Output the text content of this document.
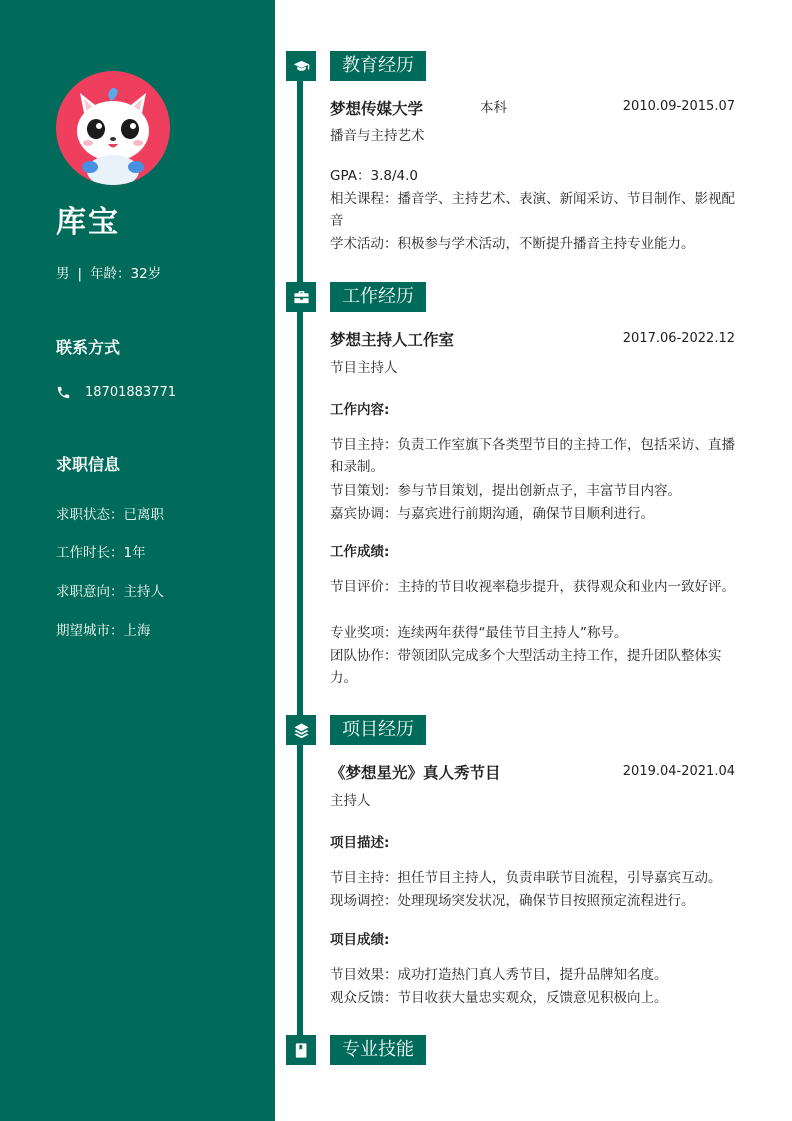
库宝
男 | 年龄：32岁
联系方式
18701883771
求职信息
求职状态：已离职
工作时长：1年
求职意向：主持人
期望城市：上海
教育经历
梦想传媒大学	本科	2010.09-2015.07
播音与主持艺术
GPA：3.8/4.0
相关课程：播音学、主持艺术、表演、新闻采访、节目制作、影视配音
学术活动：积极参与学术活动，不断提升播音主持专业能力。
工作经历
梦想主持人工作室	2017.06-2022.12
节目主持人
工作内容:
节目主持：负责工作室旗下各类型节目的主持工作，包括采访、直播和录制。
节目策划：参与节目策划，提出创新点子，丰富节目内容。
嘉宾协调：与嘉宾进行前期沟通，确保节目顺利进行。
工作成绩:
节目评价：主持的节目收视率稳步提升，获得观众和业内一致好评。
专业奖项：连续两年获得“最佳节目主持人”称号。
团队协作：带领团队完成多个大型活动主持工作，提升团队整体实力。
项目经历
《梦想星光》真人秀节目	2019.04-2021.04
主持人
项目描述:
节目主持：担任节目主持人，负责串联节目流程，引导嘉宾互动。
现场调控：处理现场突发状况，确保节目按照预定流程进行。
项目成绩:
节目效果：成功打造热门真人秀节目，提升品牌知名度。
观众反馈：节目收获大量忠实观众，反馈意见积极向上。
专业技能
